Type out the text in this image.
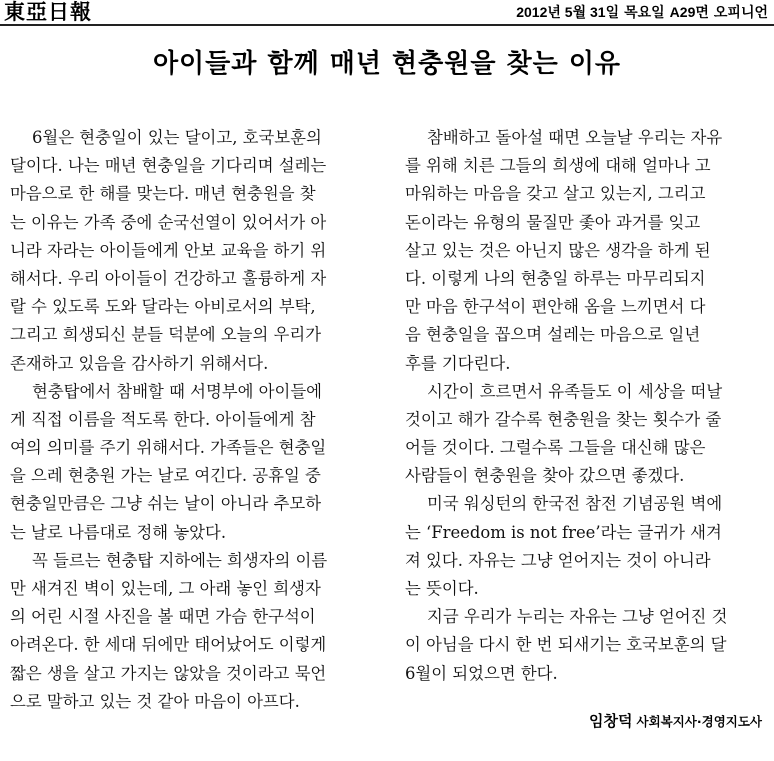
東亞日報	2012년 5월 31일 목요일 A29면 오피니언
아이들과 함께 매년 현충원을 찾는 이유
6월은 현충일이 있는 달이고, 호국보훈의
달이다. 나는 매년 현충일을 기다리며 설레는
마음으로 한 해를 맞는다. 매년 현충원을 찾
는 이유는 가족 중에 순국선열이 있어서가 아
니라 자라는 아이들에게 안보 교육을 하기 위
해서다. 우리 아이들이 건강하고 훌륭하게 자
랄 수 있도록 도와 달라는 아비로서의 부탁,
그리고 희생되신 분들 덕분에 오늘의 우리가
존재하고 있음을 감사하기 위해서다.
현충탑에서 참배할 때 서명부에 아이들에
게 직접 이름을 적도록 한다. 아이들에게 참
여의 의미를 주기 위해서다. 가족들은 현충일
을 으레 현충원 가는 날로 여긴다. 공휴일 중
현충일만큼은 그냥 쉬는 날이 아니라 추모하
는 날로 나름대로 정해 놓았다.
꼭 들르는 현충탑 지하에는 희생자의 이름
만 새겨진 벽이 있는데, 그 아래 놓인 희생자
의 어린 시절 사진을 볼 때면 가슴 한구석이
아려온다. 한 세대 뒤에만 태어났어도 이렇게
짧은 생을 살고 가지는 않았을 것이라고 묵언
으로 말하고 있는 것 같아 마음이 아프다.
참배하고 돌아설 때면 오늘날 우리는 자유
를 위해 치른 그들의 희생에 대해 얼마나 고
마워하는 마음을 갖고 살고 있는지, 그리고
돈이라는 유형의 물질만 좇아 과거를 잊고
살고 있는 것은 아닌지 많은 생각을 하게 된
다. 이렇게 나의 현충일 하루는 마무리되지
만 마음 한구석이 편안해 옴을 느끼면서 다
음 현충일을 꼽으며 설레는 마음으로 일년
후를 기다린다.
시간이 흐르면서 유족들도 이 세상을 떠날
것이고 해가 갈수록 현충원을 찾는 횟수가 줄
어들 것이다. 그럴수록 그들을 대신해 많은
사람들이 현충원을 찾아 갔으면 좋겠다.
미국 워싱턴의 한국전 참전 기념공원 벽에
는 ‘Freedom is not free’라는 글귀가 새겨
져 있다. 자유는 그냥 얻어지는 것이 아니라
는 뜻이다.
지금 우리가 누리는 자유는 그냥 얻어진 것
이 아님을 다시 한 번 되새기는 호국보훈의 달
6월이 되었으면 한다.
임창덕 사회복지사·경영지도사
